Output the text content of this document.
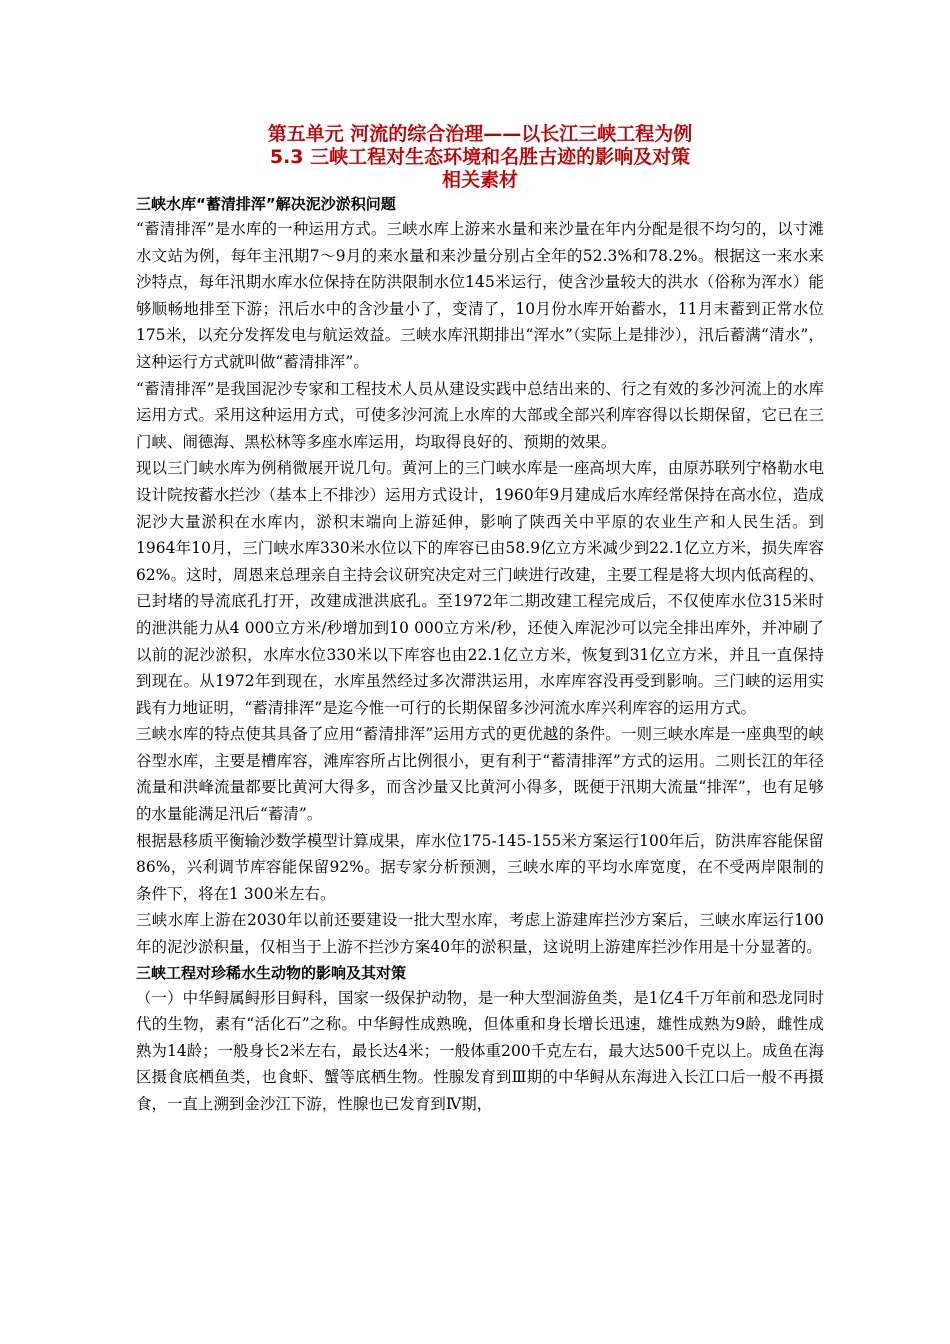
第五单元 河流的综合治理——以长江三峡工程为例
5.3 三峡工程对生态环境和名胜古迹的影响及对策
相关素材
三峡水库“蓄清排浑”解决泥沙淤积问题

“蓄清排浑”是水库的一种运用方式。三峡水库上游来水量和来沙量在年内分配是很不均匀的，以寸滩水文站为例，每年主汛期7～9月的来水量和来沙量分别占全年的52.3%和78.2%。根据这一来水来沙特点，每年汛期水库水位保持在防洪限制水位145米运行，使含沙量较大的洪水（俗称为浑水）能够顺畅地排至下游；汛后水中的含沙量小了，变清了，10月份水库开始蓄水，11月末蓄到正常水位175米，以充分发挥发电与航运效益。三峡水库汛期排出“浑水”（实际上是排沙），汛后蓄满“清水”，这种运行方式就叫做“蓄清排浑”。

“蓄清排浑”是我国泥沙专家和工程技术人员从建设实践中总结出来的、行之有效的多沙河流上的水库运用方式。采用这种运用方式，可使多沙河流上水库的大部或全部兴利库容得以长期保留，它已在三门峡、闹德海、黑松林等多座水库运用，均取得良好的、预期的效果。

现以三门峡水库为例稍微展开说几句。黄河上的三门峡水库是一座高坝大库，由原苏联列宁格勒水电设计院按蓄水拦沙（基本上不排沙）运用方式设计，1960年9月建成后水库经常保持在高水位，造成泥沙大量淤积在水库内，淤积末端向上游延伸，影响了陕西关中平原的农业生产和人民生活。到1964年10月，三门峡水库330米水位以下的库容已由58.9亿立方米减少到22.1亿立方米，损失库容62%。这时，周恩来总理亲自主持会议研究决定对三门峡进行改建，主要工程是将大坝内低高程的、已封堵的导流底孔打开，改建成泄洪底孔。至1972年二期改建工程完成后，不仅使库水位315米时的泄洪能力从4 000立方米/秒增加到10 000立方米/秒，还使入库泥沙可以完全排出库外，并冲刷了以前的泥沙淤积，水库水位330米以下库容也由22.1亿立方米，恢复到31亿立方米，并且一直保持到现在。从1972年到现在，水库虽然经过多次滞洪运用，水库库容没再受到影响。三门峡的运用实践有力地证明，“蓄清排浑”是迄今惟一可行的长期保留多沙河流水库兴利库容的运用方式。

三峡水库的特点使其具备了应用“蓄清排浑”运用方式的更优越的条件。一则三峡水库是一座典型的峡谷型水库，主要是槽库容，滩库容所占比例很小，更有利于“蓄清排浑”方式的运用。二则长江的年径流量和洪峰流量都要比黄河大得多，而含沙量又比黄河小得多，既便于汛期大流量“排浑”，也有足够的水量能满足汛后“蓄清”。

根据悬移质平衡输沙数学模型计算成果，库水位175-145-155米方案运行100年后，防洪库容能保留86%，兴利调节库容能保留92%。据专家分析预测，三峡水库的平均水库宽度，在不受两岸限制的条件下，将在1 300米左右。

三峡水库上游在2030年以前还要建设一批大型水库，考虑上游建库拦沙方案后，三峡水库运行100年的泥沙淤积量，仅相当于上游不拦沙方案40年的淤积量，这说明上游建库拦沙作用是十分显著的。

三峡工程对珍稀水生动物的影响及其对策

（一）中华鲟属鲟形目鲟科，国家一级保护动物，是一种大型洄游鱼类，是1亿4千万年前和恐龙同时代的生物，素有“活化石”之称。中华鲟性成熟晚，但体重和身长增长迅速，雄性成熟为9龄，雌性成熟为14龄；一般身长2米左右，最长达4米；一般体重200千克左右，最大达500千克以上。成鱼在海区摄食底栖鱼类，也食虾、蟹等底栖生物。性腺发育到Ⅲ期的中华鲟从东海进入长江口后一般不再摄食，一直上溯到金沙江下游，性腺也已发育到Ⅳ期，
